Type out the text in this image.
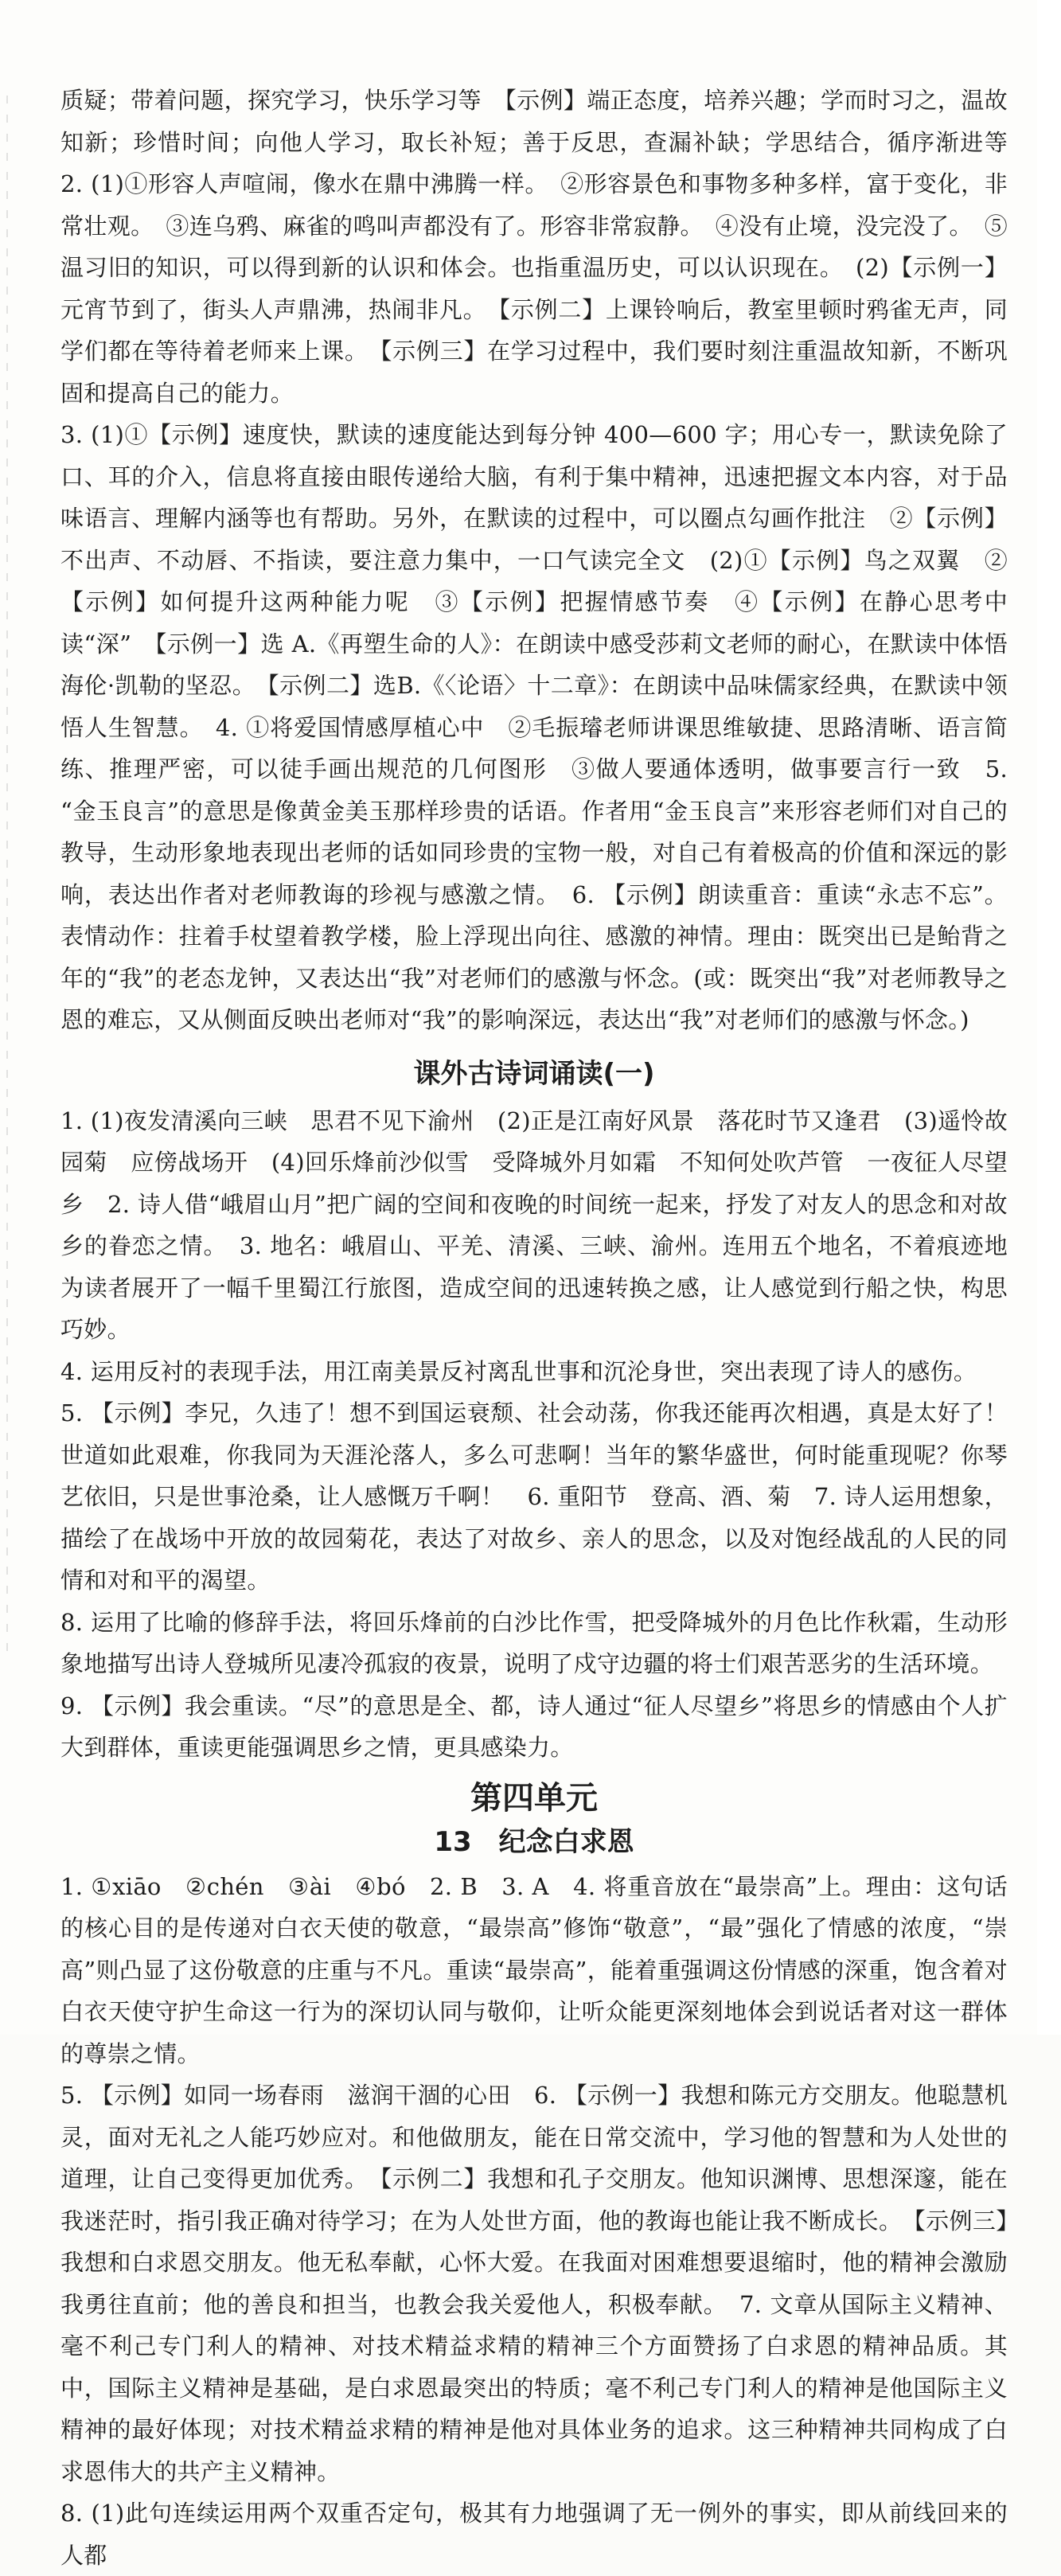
质疑；带着问题，探究学习，快乐学习等　【示例】端正态度，培养兴趣；学而时习之，温故知新；珍惜时间；向他人学习，取长补短；善于反思，查漏补缺；学思结合，循序渐进等　2. (1)①形容人声喧闹，像水在鼎中沸腾一样。　②形容景色和事物多种多样，富于变化，非常壮观。　③连乌鸦、麻雀的鸣叫声都没有了。形容非常寂静。　④没有止境，没完没了。　⑤温习旧的知识，可以得到新的认识和体会。也指重温历史，可以认识现在。　(2)【示例一】元宵节到了，街头人声鼎沸，热闹非凡。　【示例二】上课铃响后，教室里顿时鸦雀无声，同学们都在等待着老师来上课。　【示例三】在学习过程中，我们要时刻注重温故知新，不断巩固和提高自己的能力。

3. (1)①【示例】速度快，默读的速度能达到每分钟 400—600 字；用心专一，默读免除了口、耳的介入，信息将直接由眼传递给大脑，有利于集中精神，迅速把握文本内容，对于品味语言、理解内涵等也有帮助。另外，在默读的过程中，可以圈点勾画作批注　②【示例】不出声、不动唇、不指读，要注意力集中，一口气读完全文　(2)①【示例】鸟之双翼　②【示例】如何提升这两种能力呢　③【示例】把握情感节奏　④【示例】在静心思考中读“深”　【示例一】选 A.《再塑生命的人》：在朗读中感受莎莉文老师的耐心，在默读中体悟海伦·凯勒的坚忍。　【示例二】选B.《〈论语〉十二章》：在朗读中品味儒家经典，在默读中领悟人生智慧。　4. ①将爱国情感厚植心中　②毛振璿老师讲课思维敏捷、思路清晰、语言简练、推理严密，可以徒手画出规范的几何图形　③做人要通体透明，做事要言行一致　5. “金玉良言”的意思是像黄金美玉那样珍贵的话语。作者用“金玉良言”来形容老师们对自己的教导，生动形象地表现出老师的话如同珍贵的宝物一般，对自己有着极高的价值和深远的影响，表达出作者对老师教诲的珍视与感激之情。　6. 【示例】朗读重音：重读“永志不忘”。表情动作：拄着手杖望着教学楼，脸上浮现出向往、感激的神情。理由：既突出已是鲐背之年的“我”的老态龙钟，又表达出“我”对老师们的感激与怀念。(或：既突出“我”对老师教导之恩的难忘，又从侧面反映出老师对“我”的影响深远，表达出“我”对老师们的感激与怀念。)

课外古诗词诵读(一)

1. (1)夜发清溪向三峡　思君不见下渝州　(2)正是江南好风景　落花时节又逢君　(3)遥怜故园菊　应傍战场开　(4)回乐烽前沙似雪　受降城外月如霜　不知何处吹芦管　一夜征人尽望乡　2. 诗人借“峨眉山月”把广阔的空间和夜晚的时间统一起来，抒发了对友人的思念和对故乡的眷恋之情。　3. 地名：峨眉山、平羌、清溪、三峡、渝州。连用五个地名，不着痕迹地为读者展开了一幅千里蜀江行旅图，造成空间的迅速转换之感，让人感觉到行船之快，构思巧妙。

4. 运用反衬的表现手法，用江南美景反衬离乱世事和沉沦身世，突出表现了诗人的感伤。

5. 【示例】李兄，久违了！想不到国运衰颓、社会动荡，你我还能再次相遇，真是太好了！世道如此艰难，你我同为天涯沦落人，多么可悲啊！当年的繁华盛世，何时能重现呢？你琴艺依旧，只是世事沧桑，让人感慨万千啊！　6. 重阳节　登高、酒、菊　7. 诗人运用想象，描绘了在战场中开放的故园菊花，表达了对故乡、亲人的思念，以及对饱经战乱的人民的同情和对和平的渴望。

8. 运用了比喻的修辞手法，将回乐烽前的白沙比作雪，把受降城外的月色比作秋霜，生动形象地描写出诗人登城所见凄冷孤寂的夜景，说明了戍守边疆的将士们艰苦恶劣的生活环境。

9. 【示例】我会重读。“尽”的意思是全、都，诗人通过“征人尽望乡”将思乡的情感由个人扩大到群体，重读更能强调思乡之情，更具感染力。

第四单元
13　纪念白求恩

1. ①xiāo　②chén　③ài　④bó　2. B　3. A　4. 将重音放在“最崇高”上。理由：这句话的核心目的是传递对白衣天使的敬意，“最崇高”修饰“敬意”，“最”强化了情感的浓度，“崇高”则凸显了这份敬意的庄重与不凡。重读“最崇高”，能着重强调这份情感的深重，饱含着对白衣天使守护生命这一行为的深切认同与敬仰，让听众能更深刻地体会到说话者对这一群体的尊崇之情。

5. 【示例】如同一场春雨　滋润干涸的心田　6. 【示例一】我想和陈元方交朋友。他聪慧机灵，面对无礼之人能巧妙应对。和他做朋友，能在日常交流中，学习他的智慧和为人处世的道理，让自己变得更加优秀。　【示例二】我想和孔子交朋友。他知识渊博、思想深邃，能在我迷茫时，指引我正确对待学习；在为人处世方面，他的教诲也能让我不断成长。　【示例三】我想和白求恩交朋友。他无私奉献，心怀大爱。在我面对困难想要退缩时，他的精神会激励我勇往直前；他的善良和担当，也教会我关爱他人，积极奉献。　7. 文章从国际主义精神、毫不利己专门利人的精神、对技术精益求精的精神三个方面赞扬了白求恩的精神品质。其中，国际主义精神是基础，是白求恩最突出的特质；毫不利己专门利人的精神是他国际主义精神的最好体现；对技术精益求精的精神是他对具体业务的追求。这三种精神共同构成了白求恩伟大的共产主义精神。

8. (1)此句连续运用两个双重否定句，极其有力地强调了无一例外的事实，即从前线回来的人都
